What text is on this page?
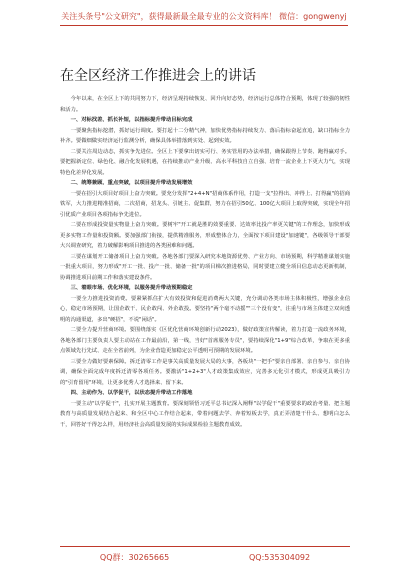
关注头条号"公文研究"，获得最新最全最专业的公文资料库！ 微信：gongwenyj
在全区经济工作推进会上的讲话

今年以来，在全区上下的共同努力下，经济呈现持续恢复、回升向好态势，经济运行总体符合预期，体现了较强的韧性和活力。

一、对标找差、抓长补短，以指标提升带动目标完成

一要聚焦指标挖潜，抓好运行调度。要打起十二分精气神，加快优势指标持续发力、落后指标奋起直追，缺口指标全力补齐。要做细做实经济运行监测分析，确保具体举措落到实处、起到实效。

二要关注周边动态，抓实争先进位。全区上下要拿出切实可行、务实管用的办法举措，确保跟得上节奏、跑得赢对手。要把握新定位、绿色化、融合化发展机遇，在持续推动产业升级、高水平科技自立自强、培育一流企业上下更大力气，实现特色化差异化发展。

二、统筹兼顾、重点突破，以项目提升带动发展增效

一要在招引大项目好项目上奋力突破。要充分发挥"2+4+N"招商体系作用，打造一支"拉得出、冲得上、打得赢"的招商铁军，大力推进精准招商，二次招商，招龙头、引链主、促集群，努力在招引50亿、100亿大项目上取得突破，实现全年招引优质产业项目各项指标争先进位。

二要在形成投资量实物量上奋力突破。要树牢"开工就是胜的效要重要、达效率比投产率更关键"的工作理念，加快形成更多实物工作量和投资额。要加强部门衔接，提供精准服务，形成整体合力，全面按下项目建设"加速键"，各级领导干部要大兴调查研究，着力破解影响项目推进的各类困难和问题。

三要在谋划开工储备项目上奋力突破。各地各部门要深入研究本地资源优势、产业方向、市场预期，科学精准谋划实施一批重大项目，努力形成"开工一批、投产一批、储备一批"的项目梯次推进格局，同时要建立健全项目信息动态更新机制，协调推进项目前期工作和落实建设条件。

三、着眼市场、优化环境，以服务提升带动预期稳定

一要全力推进投资消费。要紧紧抓住扩大有效投资和促进消费两大关键，充分调动各类市场主体积极性，增强企业信心，稳定市场预期，让国企敢干、民企敢闯、外企敢投。要坚持"两个毫不动摇""三个没有变"，注重与市场主体建立双向透明的沟通渠道，多出"硬招"，不说"闲话"。

二要全力提升营商环境。要围绕落实《区优化营商环境创新行动2023》，做好政策宣传解读，着力打造一流政务环境，各地各部门主要负责人要主动站在工作最前沿，第一线，当好"首席服务专员"，要持续深化"1+9"综合改革，争取在更多重点领域先行先试、走在全省前列，为企业营造更加稳定公平透明可预期的发展环境。

三要全力做好要素保障。拆迁清零工作是事关高质量发展大局的大事，各板块"一把手"要亲自部署、亲自参与、亲自协调，确保全面完成年度拆迁清零各项任务。要激活"1+2+3"人才政策集成效应，完善多元化引才模式，形成更具吸引力的"引育留用"环境，让更多优秀人才选择来、留下来。

四、主动作为、以学促干，以状态提升带动工作落地

一要主动"以学促干"，扎实开展主题教育。要深刻领悟习近平总书记深入阐释"以学促干"重要要求的政治考量、把主题教育与高质量发展结合起来、和全区中心工作结合起来，带着问题去学、奔着短板去学，真正弄清楚干什么、想明白怎么干，回答好干得怎么样，用经济社会高质量发展的实际成果检验主题教育成效。

QQ群：30265665	QQ:535304092
